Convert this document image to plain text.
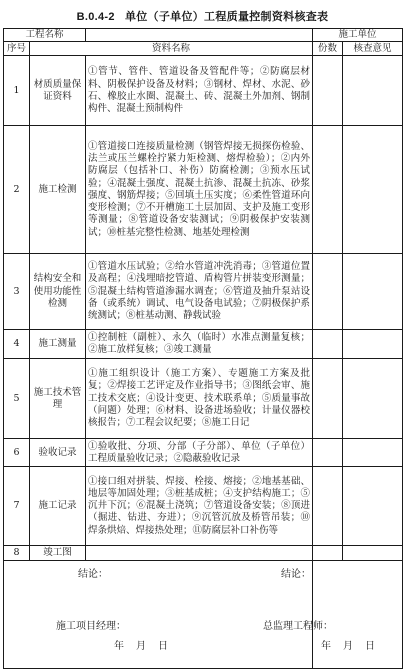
B.0.4-2 单位（子单位）工程质量控制资料核查表
工程名称			施工单位	
序号	资料名称		份数	核查意见
1	材质质量保证资料	①管节、管件、管道设备及管配件等；②防腐层材料、阴极保护设备及材料；③钢材、焊材、水泥、砂石、橡胶止水圈、混凝土、砖、混凝土外加剂、钢制构件、混凝土预制构件		
2	施工检测	①管道接口连接质量检测（钢管焊接无损探伤检验、法兰或压兰螺栓拧紧力矩检测、熔焊检验）；②内外防腐层（包括补口、补伤）防腐检测；③预水压试验；④混凝土强度、混凝土抗渗、混凝土抗冻、砂浆强度、钢筋焊接；⑤回填土压实度；⑥柔性管道环向变形检测；⑦不开槽施工土层加固、支护及施工变形等测量；⑧管道设备安装测试；⑨阴极保护安装测试；⑩桩基完整性检测、地基处理检测		
3	结构安全和使用功能性检测	①管道水压试验；②给水管道冲洗消毒；③管道位置及高程；④浅埋暗挖管道、盾构管片拼装变形测量；⑤混凝土结构管道渗漏水调查；⑥管道及抽升泵站设备（或系统）调试、电气设备电试验；⑦阴极保护系统测试；⑧桩基动测、静载试验		
4	施工测量	①控制桩（副桩）、永久（临时）水准点测量复核；②施工放样复核；③竣工测量		
5	施工技术管理	①施工组织设计（施工方案）、专题施工方案及批复；②焊接工艺评定及作业指导书；③图纸会审、施工技术交底；④设计变更、技术联系单；⑤质量事故（问题）处理；⑥材料、设备进场验收；计量仪器校核报告；⑦工程会议纪要；⑧施工日记		
6	验收记录	①验收批、分项、分部（子分部）、单位（子单位）工程质量验收记录；②隐蔽验收记录		
7	施工记录	①接口组对拼装、焊接、栓接、熔接；②地基基础、地层等加固处理；③桩基成桩；④支护结构施工；⑤沉井下沉；⑥混凝土浇筑；⑦管道设备安装；⑧顶进（掘进、钻进、夯进）；⑨沉管沉放及桥管吊装；⑩焊条烘焙、焊接热处理；⑪防腐层补口补伤等		
8	竣工图			

结论：
施工项目经理：
年　月　日			结论：
总监理工程师：
年　月　日	
